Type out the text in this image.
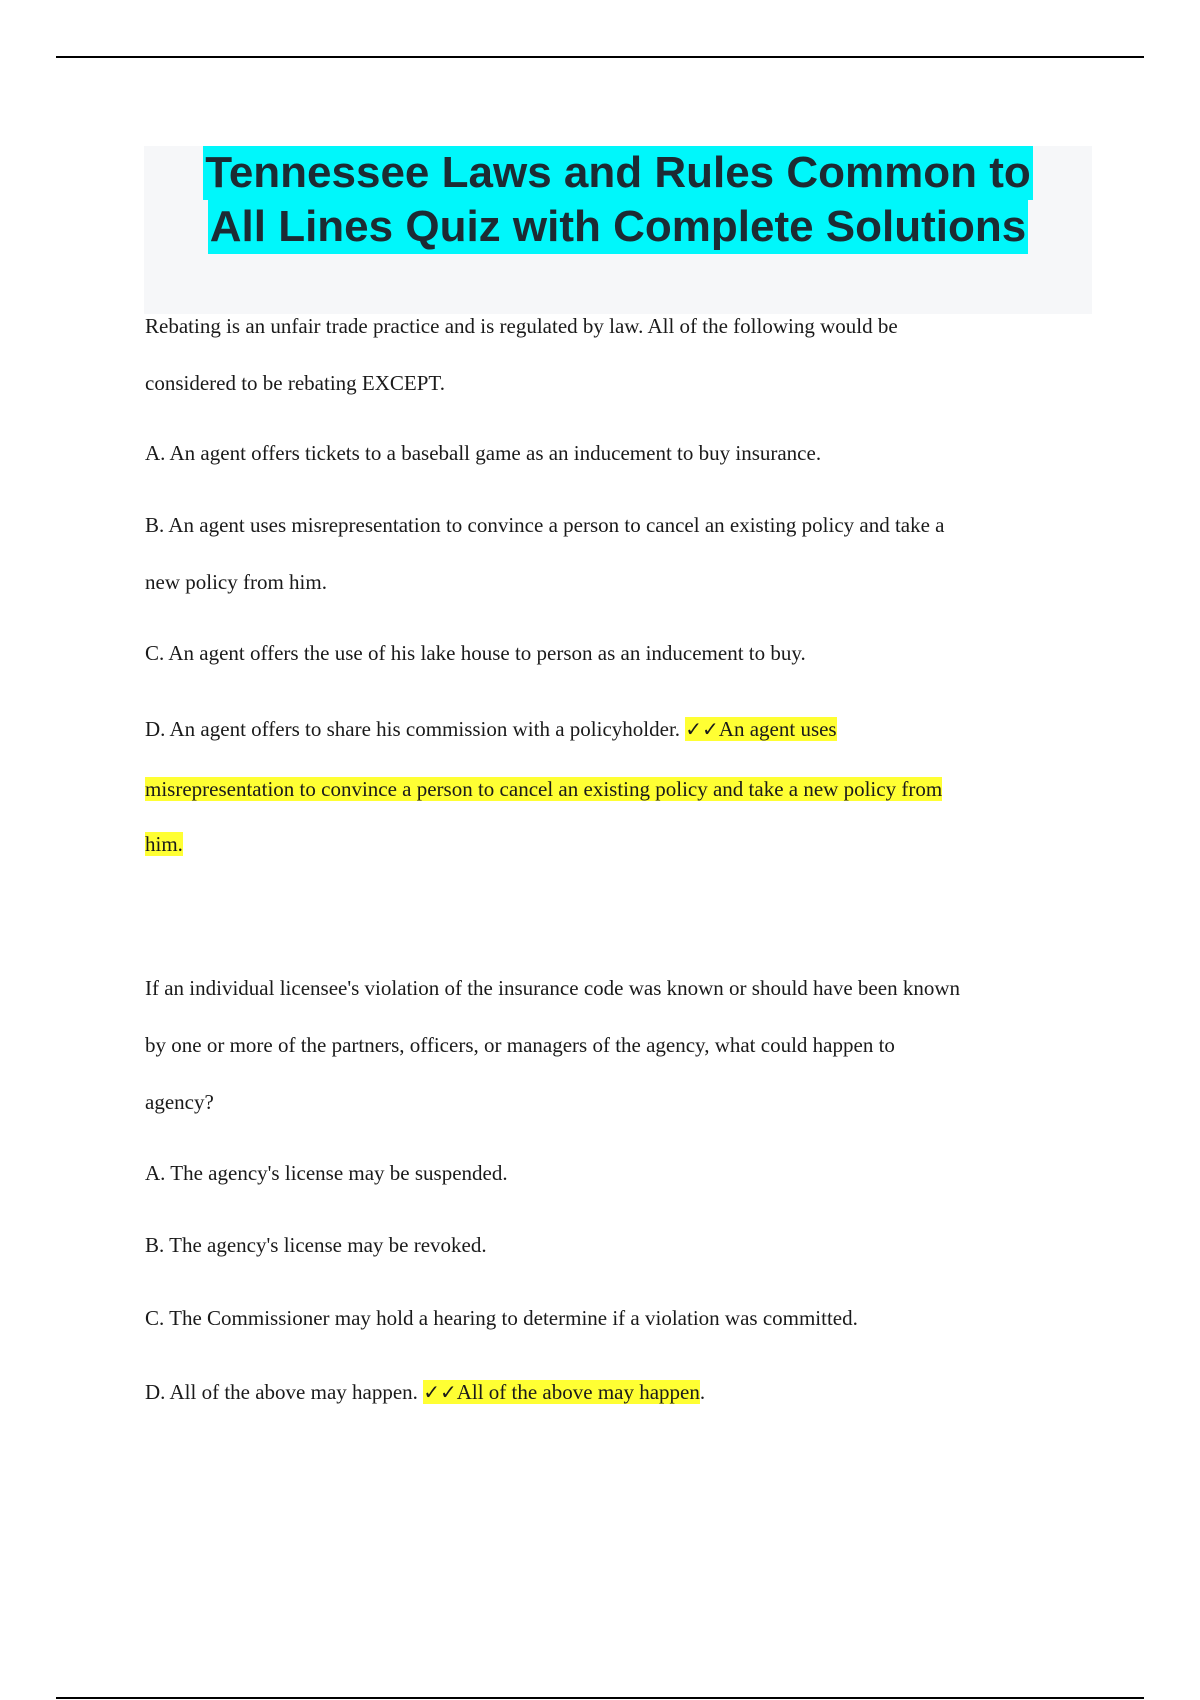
Tennessee Laws and Rules Common to
All Lines Quiz with Complete Solutions

Rebating is an unfair trade practice and is regulated by law. All of the following would be

considered to be rebating EXCEPT.

A. An agent offers tickets to a baseball game as an inducement to buy insurance.

B. An agent uses misrepresentation to convince a person to cancel an existing policy and take a

new policy from him.

C. An agent offers the use of his lake house to person as an inducement to buy.

D. An agent offers to share his commission with a policyholder. ✓✓An agent uses

misrepresentation to convince a person to cancel an existing policy and take a new policy from

him.

If an individual licensee's violation of the insurance code was known or should have been known

by one or more of the partners, officers, or managers of the agency, what could happen to

agency?

A. The agency's license may be suspended.

B. The agency's license may be revoked.

C. The Commissioner may hold a hearing to determine if a violation was committed.

D. All of the above may happen. ✓✓All of the above may happen.
